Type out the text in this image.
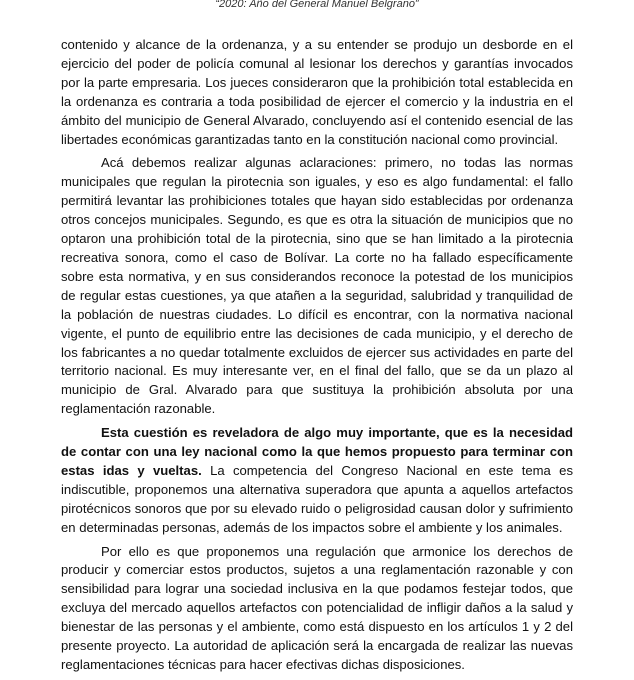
“2020: Año del General Manuel Belgrano”

contenido y alcance de la ordenanza, y a su entender se produjo un desborde en el ejercicio del poder de policía comunal al lesionar los derechos y garantías invocados por la parte empresaria. Los jueces consideraron que la prohibición total establecida en la ordenanza es contraria a toda posibilidad de ejercer el comercio y la industria en el ámbito del municipio de General Alvarado, concluyendo así el contenido esencial de las libertades económicas garantizadas tanto en la constitución nacional como provincial.

Acá debemos realizar algunas aclaraciones: primero, no todas las normas municipales que regulan la pirotecnia son iguales, y eso es algo fundamental: el fallo permitirá levantar las prohibiciones totales que hayan sido establecidas por ordenanza otros concejos municipales. Segundo, es que es otra la situación de municipios que no optaron una prohibición total de la pirotecnia, sino que se han limitado a la pirotecnia recreativa sonora, como el caso de Bolívar. La corte no ha fallado específicamente sobre esta normativa, y en sus considerandos reconoce la potestad de los municipios de regular estas cuestiones, ya que atañen a la seguridad, salubridad y tranquilidad de la población de nuestras ciudades. Lo difícil es encontrar, con la normativa nacional vigente, el punto de equilibrio entre las decisiones de cada municipio, y el derecho de los fabricantes a no quedar totalmente excluidos de ejercer sus actividades en parte del territorio nacional. Es muy interesante ver, en el final del fallo, que se da un plazo al municipio de Gral. Alvarado para que sustituya la prohibición absoluta por una reglamentación razonable.

Esta cuestión es reveladora de algo muy importante, que es la necesidad de contar con una ley nacional como la que hemos propuesto para terminar con estas idas y vueltas. La competencia del Congreso Nacional en este tema es indiscutible, proponemos una alternativa superadora que apunta a aquellos artefactos pirotécnicos sonoros que por su elevado ruido o peligrosidad causan dolor y sufrimiento en determinadas personas, además de los impactos sobre el ambiente y los animales.

Por ello es que proponemos una regulación que armonice los derechos de producir y comerciar estos productos, sujetos a una reglamentación razonable y con sensibilidad para lograr una sociedad inclusiva en la que podamos festejar todos, que excluya del mercado aquellos artefactos con potencialidad de infligir daños a la salud y bienestar de las personas y el ambiente, como está dispuesto en los artículos 1 y 2 del presente proyecto. La autoridad de aplicación será la encargada de realizar las nuevas reglamentaciones técnicas para hacer efectivas dichas disposiciones.
